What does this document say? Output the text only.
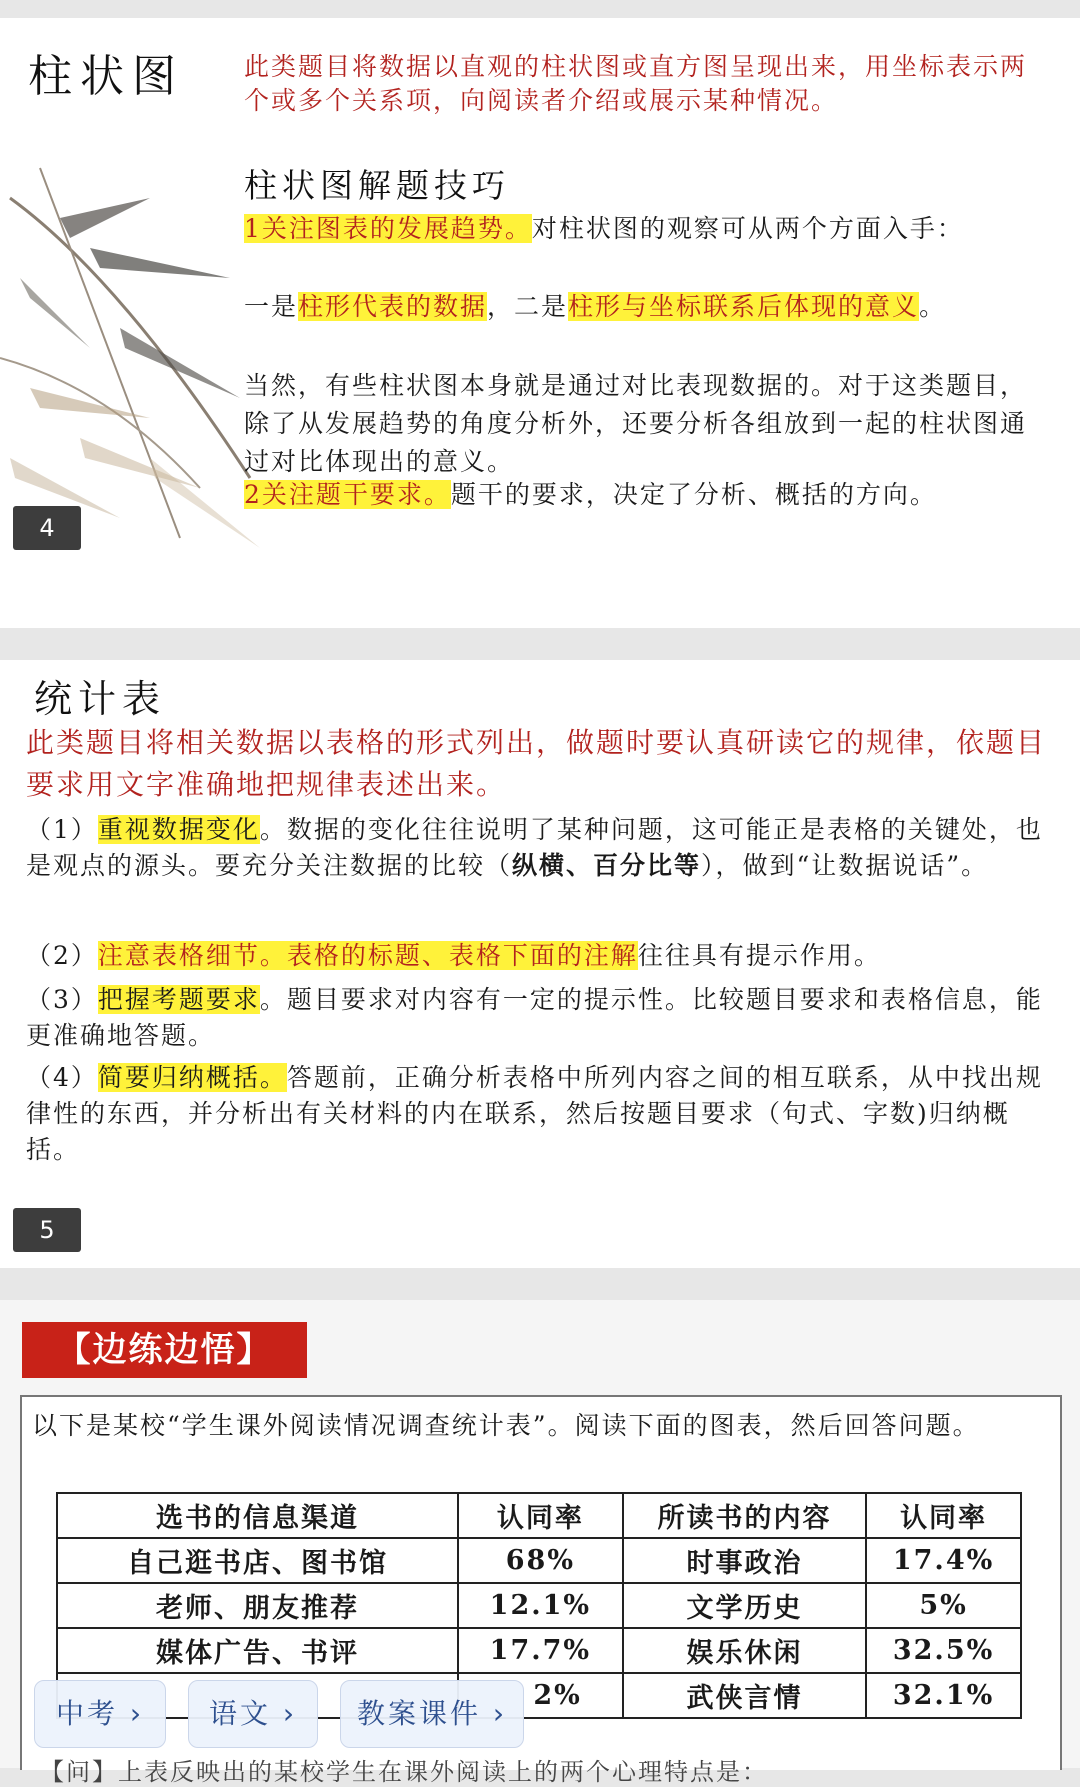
柱状图 此类题目将数据以直观的柱状图或直方图呈现出来，用坐标表示两个或多个关系项，向阅读者介绍或展示某种情况。
柱状图解题技巧
1关注图表的发展趋势。对柱状图的观察可从两个方面入手：
一是柱形代表的数据，二是柱形与坐标联系后体现的意义。
当然，有些柱状图本身就是通过对比表现数据的。对于这类题目，除了从发展趋势的角度分析外，还要分析各组放到一起的柱状图通过对比体现出的意义。
2关注题干要求。题干的要求，决定了分析、概括的方向。
4
统计表
此类题目将相关数据以表格的形式列出，做题时要认真研读它的规律，依题目要求用文字准确地把规律表述出来。
（1）重视数据变化。数据的变化往往说明了某种问题，这可能正是表格的关键处，也是观点的源头。要充分关注数据的比较（纵横、百分比等），做到“让数据说话”。
（2）注意表格细节。表格的标题、表格下面的注解往往具有提示作用。
（3）把握考题要求。题目要求对内容有一定的提示性。比较题目要求和表格信息，能更准确地答题。
（4）简要归纳概括。答题前，正确分析表格中所列内容之间的相互联系，从中找出规律性的东西，并分析出有关材料的内在联系，然后按题目要求（句式、字数)归纳概括。
5
【边练边悟】
以下是某校“学生课外阅读情况调查统计表”。阅读下面的图表，然后回答问题。
选书的信息渠道	认同率	所读书的内容	认同率
自己逛书店、图书馆	68%	时事政治	17.4%
老师、朋友推荐	12.1%	文学历史	5%
媒体广告、书评	17.7%	娱乐休闲	32.5%
	2%	武侠言情	32.1%
【问】上表反映出的某校学生在课外阅读上的两个心理特点是：
中考 ›	语文 ›	教案课件 ›
